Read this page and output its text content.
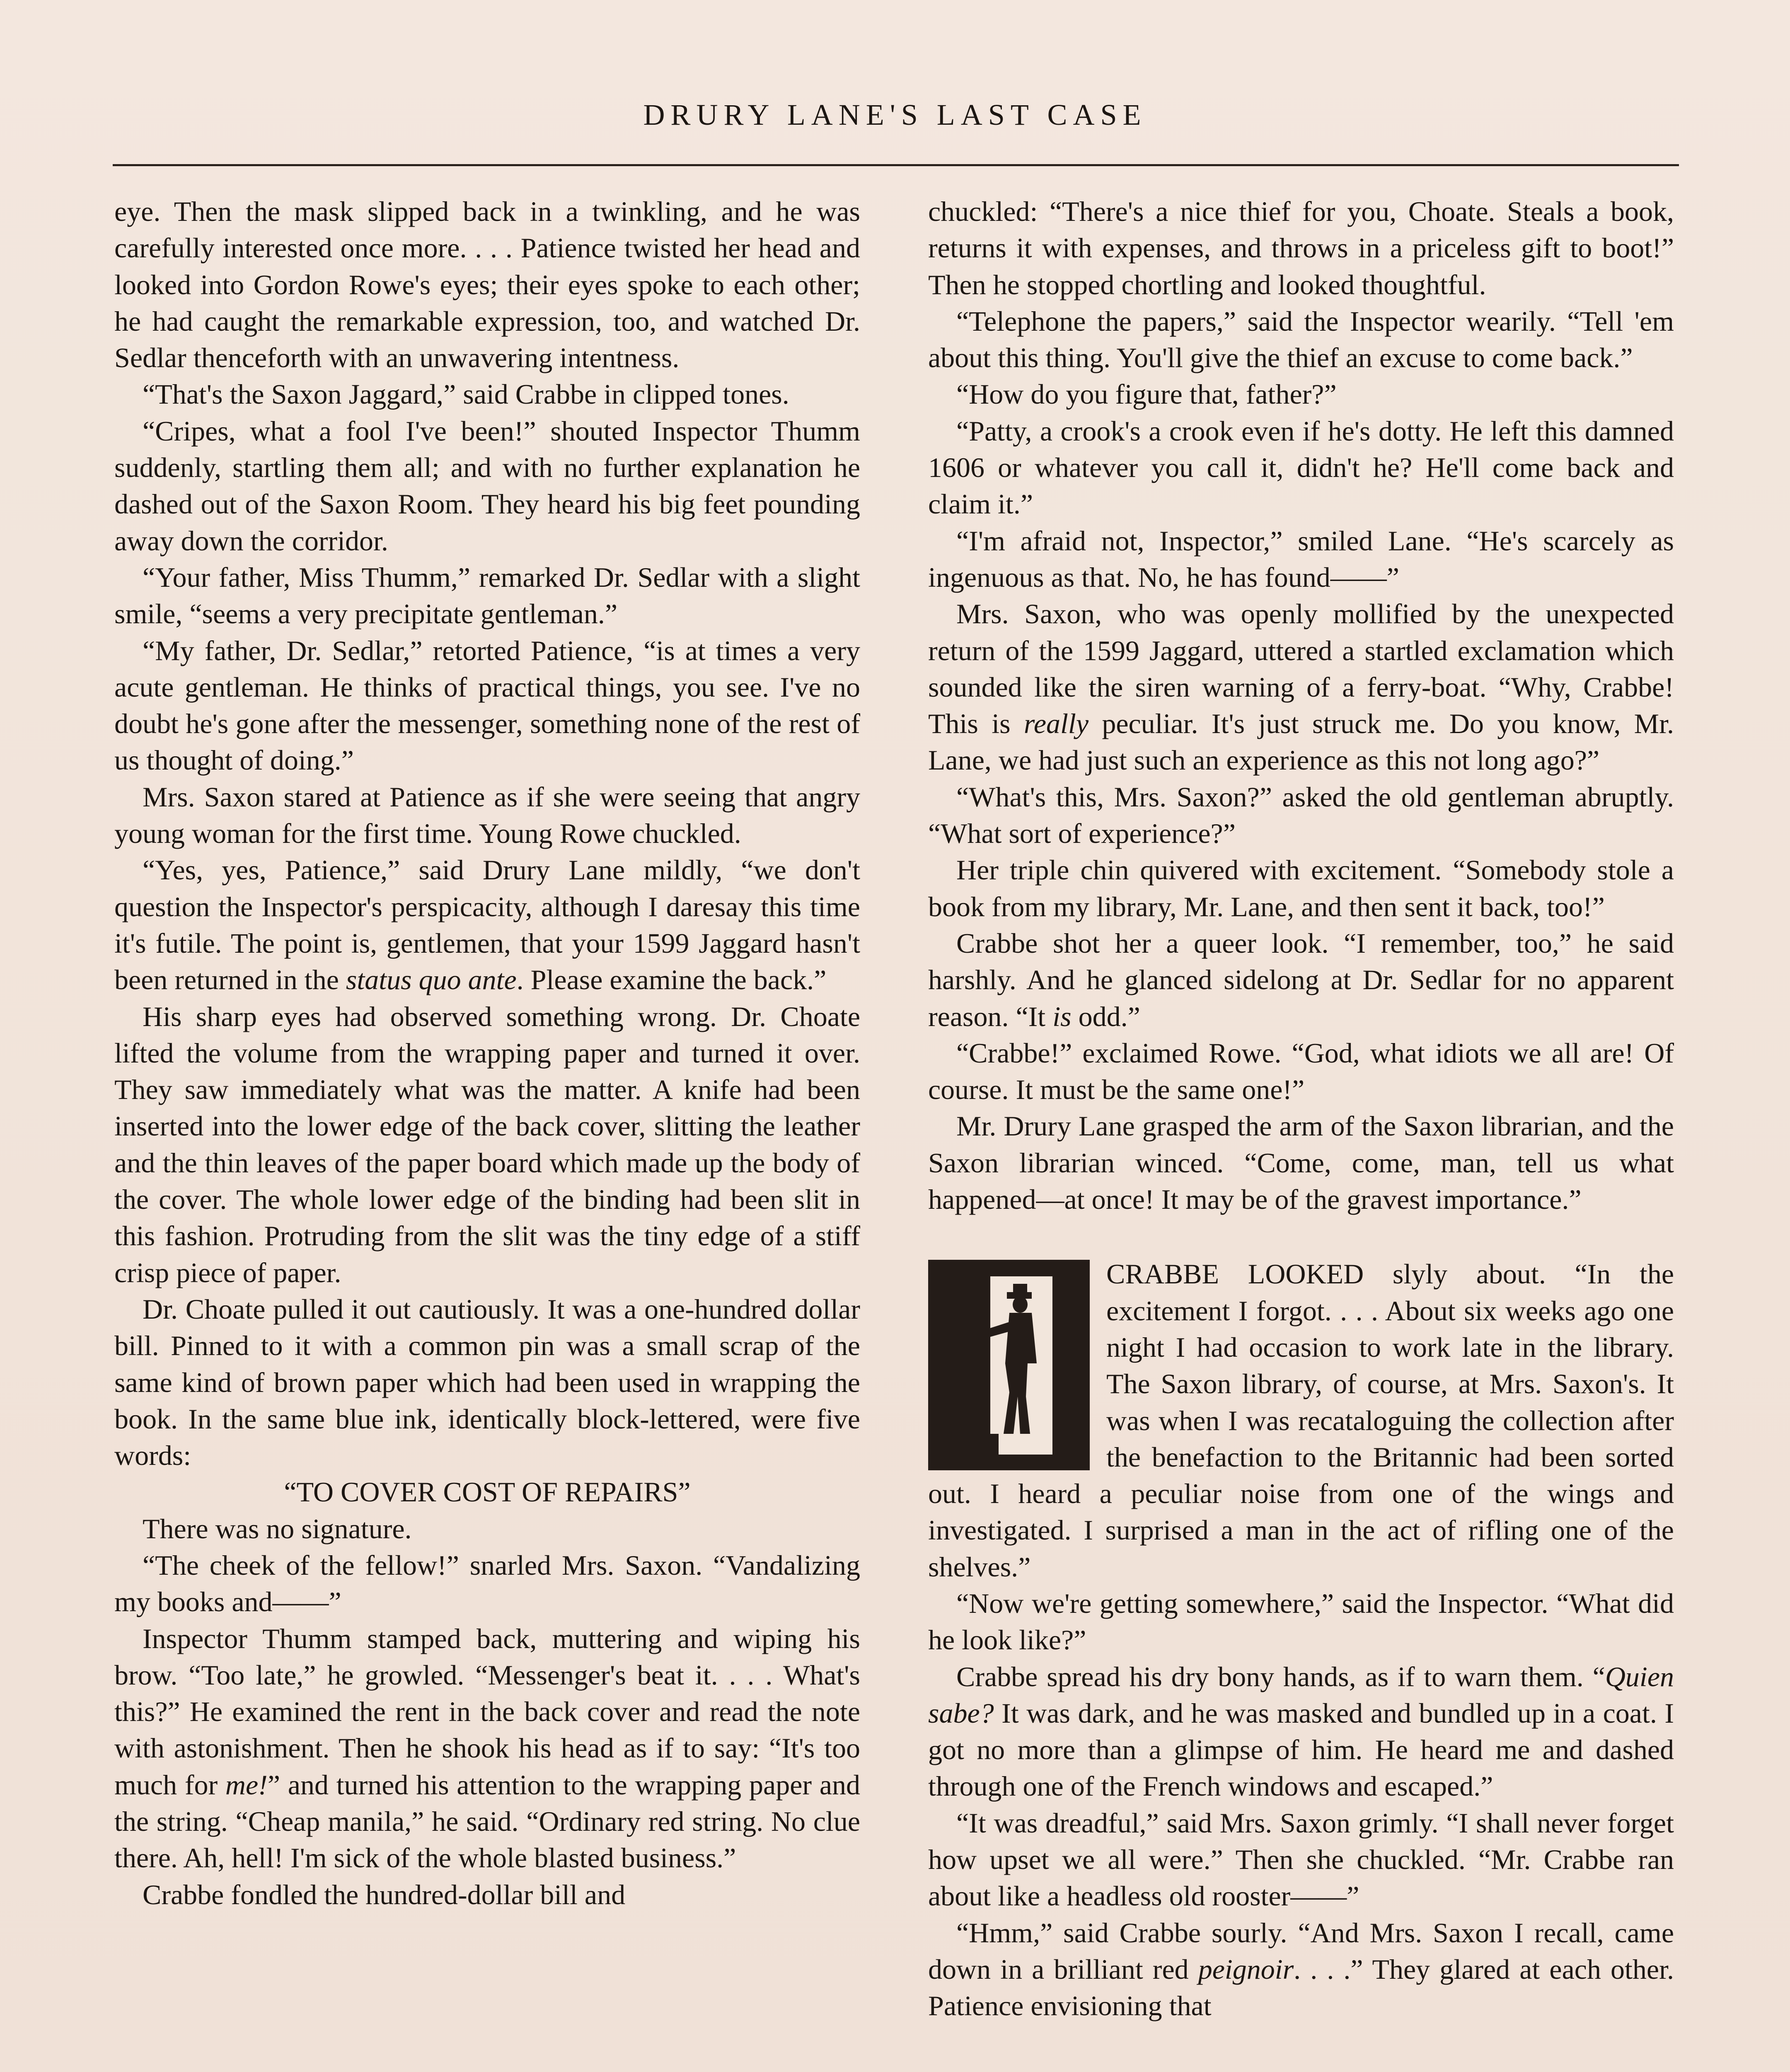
DRURY LANE'S LAST CASE

eye. Then the mask slipped back in a twinkling, and he was carefully interested once more. . . . Patience twisted her head and looked into Gordon Rowe's eyes; their eyes spoke to each other; he had caught the remarkable expression, too, and watched Dr. Sedlar thenceforth with an unwavering intentness.

“That's the Saxon Jaggard,” said Crabbe in clipped tones.

“Cripes, what a fool I've been!” shouted Inspector Thumm suddenly, startling them all; and with no further explanation he dashed out of the Saxon Room. They heard his big feet pounding away down the corridor.

“Your father, Miss Thumm,” remarked Dr. Sedlar with a slight smile, “seems a very precipitate gentleman.”

“My father, Dr. Sedlar,” retorted Patience, “is at times a very acute gentleman. He thinks of practical things, you see. I've no doubt he's gone after the messenger, something none of the rest of us thought of doing.”

Mrs. Saxon stared at Patience as if she were seeing that angry young woman for the first time. Young Rowe chuckled.

“Yes, yes, Patience,” said Drury Lane mildly, “we don't question the Inspector's perspicacity, although I daresay this time it's futile. The point is, gentlemen, that your 1599 Jaggard hasn't been returned in the status quo ante. Please examine the back.”

His sharp eyes had observed something wrong. Dr. Choate lifted the volume from the wrapping paper and turned it over. They saw immediately what was the matter. A knife had been inserted into the lower edge of the back cover, slitting the leather and the thin leaves of the paper board which made up the body of the cover. The whole lower edge of the binding had been slit in this fashion. Protruding from the slit was the tiny edge of a stiff crisp piece of paper.

Dr. Choate pulled it out cautiously. It was a one-hundred dollar bill. Pinned to it with a common pin was a small scrap of the same kind of brown paper which had been used in wrapping the book. In the same blue ink, identically block-lettered, were five words:

“TO COVER COST OF REPAIRS”

There was no signature.

“The cheek of the fellow!” snarled Mrs. Saxon. “Vandalizing my books and——”

Inspector Thumm stamped back, muttering and wiping his brow. “Too late,” he growled. “Messenger's beat it. . . . What's this?” He examined the rent in the back cover and read the note with astonishment. Then he shook his head as if to say: “It's too much for me!” and turned his attention to the wrapping paper and the string. “Cheap manila,” he said. “Ordinary red string. No clue there. Ah, hell! I'm sick of the whole blasted business.”

Crabbe fondled the hundred-dollar bill and

chuckled: “There's a nice thief for you, Choate. Steals a book, returns it with expenses, and throws in a priceless gift to boot!” Then he stopped chortling and looked thoughtful.

“Telephone the papers,” said the Inspector wearily. “Tell 'em about this thing. You'll give the thief an excuse to come back.”

“How do you figure that, father?”

“Patty, a crook's a crook even if he's dotty. He left this damned 1606 or whatever you call it, didn't he? He'll come back and claim it.”

“I'm afraid not, Inspector,” smiled Lane. “He's scarcely as ingenuous as that. No, he has found——”

Mrs. Saxon, who was openly mollified by the unexpected return of the 1599 Jaggard, uttered a startled exclamation which sounded like the siren warning of a ferry-boat. “Why, Crabbe! This is really peculiar. It's just struck me. Do you know, Mr. Lane, we had just such an experience as this not long ago?”

“What's this, Mrs. Saxon?” asked the old gentleman abruptly. “What sort of experience?”

Her triple chin quivered with excitement. “Somebody stole a book from my library, Mr. Lane, and then sent it back, too!”

Crabbe shot her a queer look. “I remember, too,” he said harshly. And he glanced sidelong at Dr. Sedlar for no apparent reason. “It is odd.”

“Crabbe!” exclaimed Rowe. “God, what idiots we all are! Of course. It must be the same one!”

Mr. Drury Lane grasped the arm of the Saxon librarian, and the Saxon librarian winced. “Come, come, man, tell us what happened—at once! It may be of the gravest importance.”

CRABBE LOOKED slyly about. “In the excitement I forgot. . . . About six weeks ago one night I had occasion to work late in the library. The Saxon library, of course, at Mrs. Saxon's. It was when I was recataloguing the collection after the benefaction to the Britannic had been sorted out. I heard a peculiar noise from one of the wings and investigated. I surprised a man in the act of rifling one of the shelves.”

“Now we're getting somewhere,” said the Inspector. “What did he look like?”

Crabbe spread his dry bony hands, as if to warn them. “Quien sabe? It was dark, and he was masked and bundled up in a coat. I got no more than a glimpse of him. He heard me and dashed through one of the French windows and escaped.”

“It was dreadful,” said Mrs. Saxon grimly. “I shall never forget how upset we all were.” Then she chuckled. “Mr. Crabbe ran about like a headless old rooster——”

“Hmm,” said Crabbe sourly. “And Mrs. Saxon I recall, came down in a brilliant red peignoir. . . .” They glared at each other. Patience envisioning that
